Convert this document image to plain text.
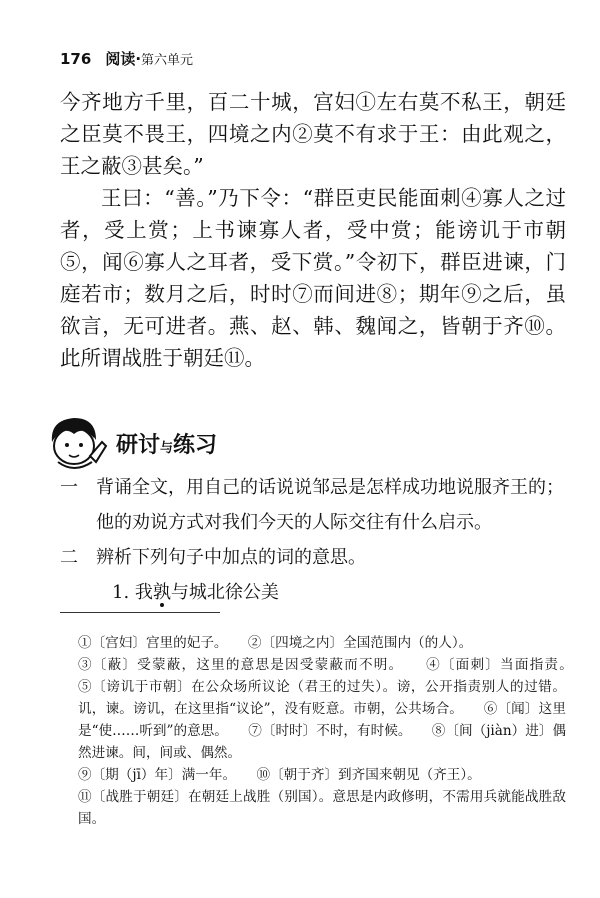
176 阅读·第六单元

今齐地方千里，百二十城，宫妇①左右莫不私王，朝廷之臣莫不畏王，四境之内②莫不有求于王：由此观之，王之蔽③甚矣。”

王曰：“善。”乃下令：“群臣吏民能面刺④寡人之过者，受上赏；上书谏寡人者，受中赏；能谤讥于市朝⑤，闻⑥寡人之耳者，受下赏。”令初下，群臣进谏，门庭若市；数月之后，时时⑦而间进⑧；期年⑨之后，虽欲言，无可进者。燕、赵、韩、魏闻之，皆朝于齐⑩。此所谓战胜于朝廷⑪。

研讨与练习
一	背诵全文，用自己的话说说邹忌是怎样成功地说服齐王的；
他的劝说方式对我们今天的人际交往有什么启示。
二	辨析下列句子中加点的词的意思。
1. 我孰与城北徐公美
①〔宫妇〕宫里的妃子。　　②〔四境之内〕全国范围内（的人）。
③〔蔽〕受蒙蔽，这里的意思是因受蒙蔽而不明。　　④〔面刺〕当面指责。　　⑤〔谤讥于市朝〕在公众场所议论（君王的过失）。谤，公开指责别人的过错。讥，谏。谤讥，在这里指“议论”，没有贬意。市朝，公共场合。　　⑥〔闻〕这里是“使……听到”的意思。　　⑦〔时时〕不时，有时候。　　⑧〔间（jiàn）进〕偶然进谏。间，间或、偶然。
⑨〔期（jī）年〕满一年。　　⑩〔朝于齐〕到齐国来朝见（齐王）。
⑪〔战胜于朝廷〕在朝廷上战胜（别国）。意思是内政修明，不需用兵就能战胜敌国。
